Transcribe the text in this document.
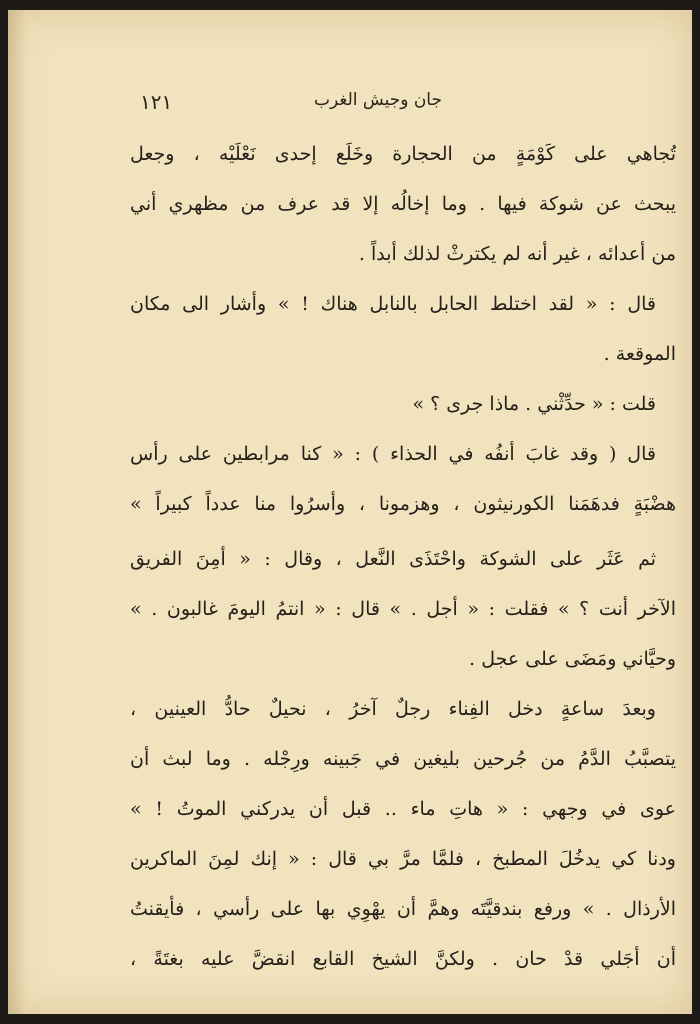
جان وجيش الغرب
١٢١
تُجاهي على كَوْمَةٍ من الحجارة وخَلَع إحدى نَعْلَيْه ، وجعل
يبحث عن شوكة فيها . وما إخالُه إلا قد عرف من مظهري أني
من أعدائه ، غير أنه لم يكترثْ لذلك أبداً .
قال : « لقد اختلط الحابل بالنابل هناك ! » وأشار الى مكان
الموقعة .
قلت : « حدِّثْني . ماذا جرى ؟ »
قال ( وقد غابَ أنفُه في الحذاء ) : « كنا مرابطين على رأس
هضْبَةٍ فدهَمَنا الكورنيثون ، وهزمونا ، وأسرُوا منا عدداً كبيراً »
ثم عَثَر على الشوكة واحْتَذَى النَّعل ، وقال : « أمِنَ الفريق
الآخر أنت ؟ » فقلت : « أجل . » قال : « انتمُ اليومَ غالبون . »
وحيَّاني ومَضَى على عجل .
وبعدَ ساعةٍ دخل الفِناء رجلٌ آخرُ ، نحيلٌ حادُّ العينين ،
يتصبَّبُ الدَّمُ من جُرحين بليغين في جَبينه ورِجْله . وما لبث أن
عوى في وجهي : « هاتِ ماء .. قبل أن يدركني الموتُ ! »
ودنا كي يدخُلَ المطبخ ، فلمَّا مرَّ بي قال : « إنك لمِنَ الماكرين
الأرذال . » ورفع بندقيَّتَه وهمَّ أن يهْوِي بها على رأسي ، فأيقنتُ
أن أجَلي قدْ حان . ولكنَّ الشيخ القابع انقضَّ عليه بغتَةً ،
